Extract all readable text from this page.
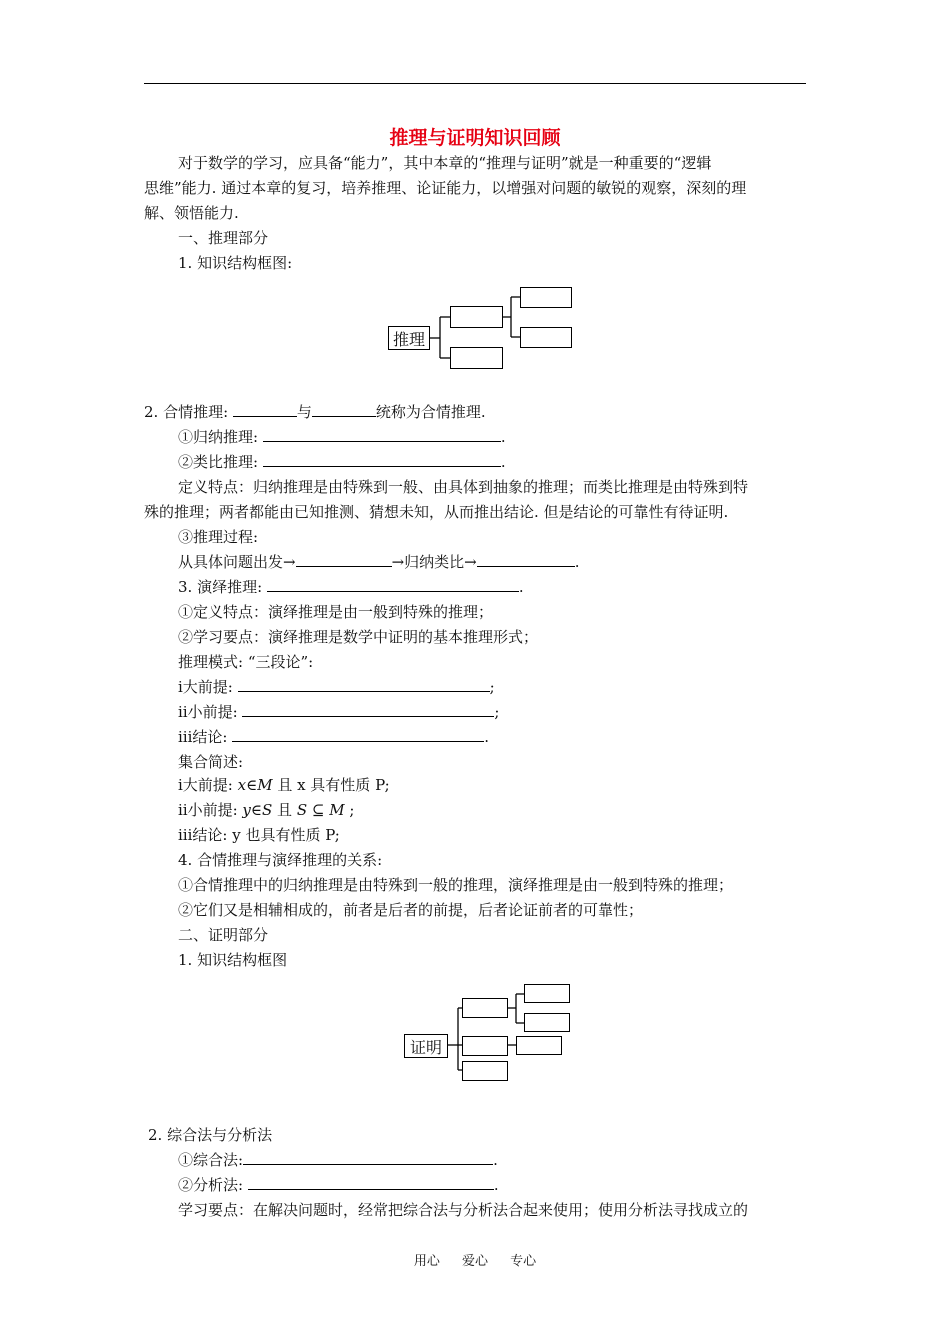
推理与证明知识回顾
对于数学的学习，应具备“能力”，其中本章的“推理与证明”就是一种重要的“逻辑
思维”能力. 通过本章的复习，培养推理、论证能力，以增强对问题的敏锐的观察，深刻的理
解、领悟能力.
一、推理部分
1. 知识结构框图:
推理
2. 合情推理:	与	统称为合情推理.
①归纳推理:	.
②类比推理:	.
定义特点：归纳推理是由特殊到一般、由具体到抽象的推理；而类比推理是由特殊到特
殊的推理；两者都能由已知推测、猜想未知，从而推出结论. 但是结论的可靠性有待证明.
③推理过程:
从具体问题出发→	→归纳类比→	.
3. 演绎推理:	.
①定义特点：演绎推理是由一般到特殊的推理；
②学习要点：演绎推理是数学中证明的基本推理形式；
推理模式: “三段论”:
ⅰ大前提:	;
ⅱ小前提:	;
ⅲ结论:	.
集合简述:
ⅰ大前提: x∈M 且 x 具有性质 P;
ⅱ小前提: y∈S 且 S ⊆ M ;
ⅲ结论: y 也具有性质 P;
4. 合情推理与演绎推理的关系:
①合情推理中的归纳推理是由特殊到一般的推理，演绎推理是由一般到特殊的推理；
②它们又是相辅相成的，前者是后者的前提，后者论证前者的可靠性；
二、证明部分
1. 知识结构框图
证明
2. 综合法与分析法
①综合法:	.
②分析法:	.
学习要点：在解决问题时，经常把综合法与分析法合起来使用；使用分析法寻找成立的
用心 爱心 专心
